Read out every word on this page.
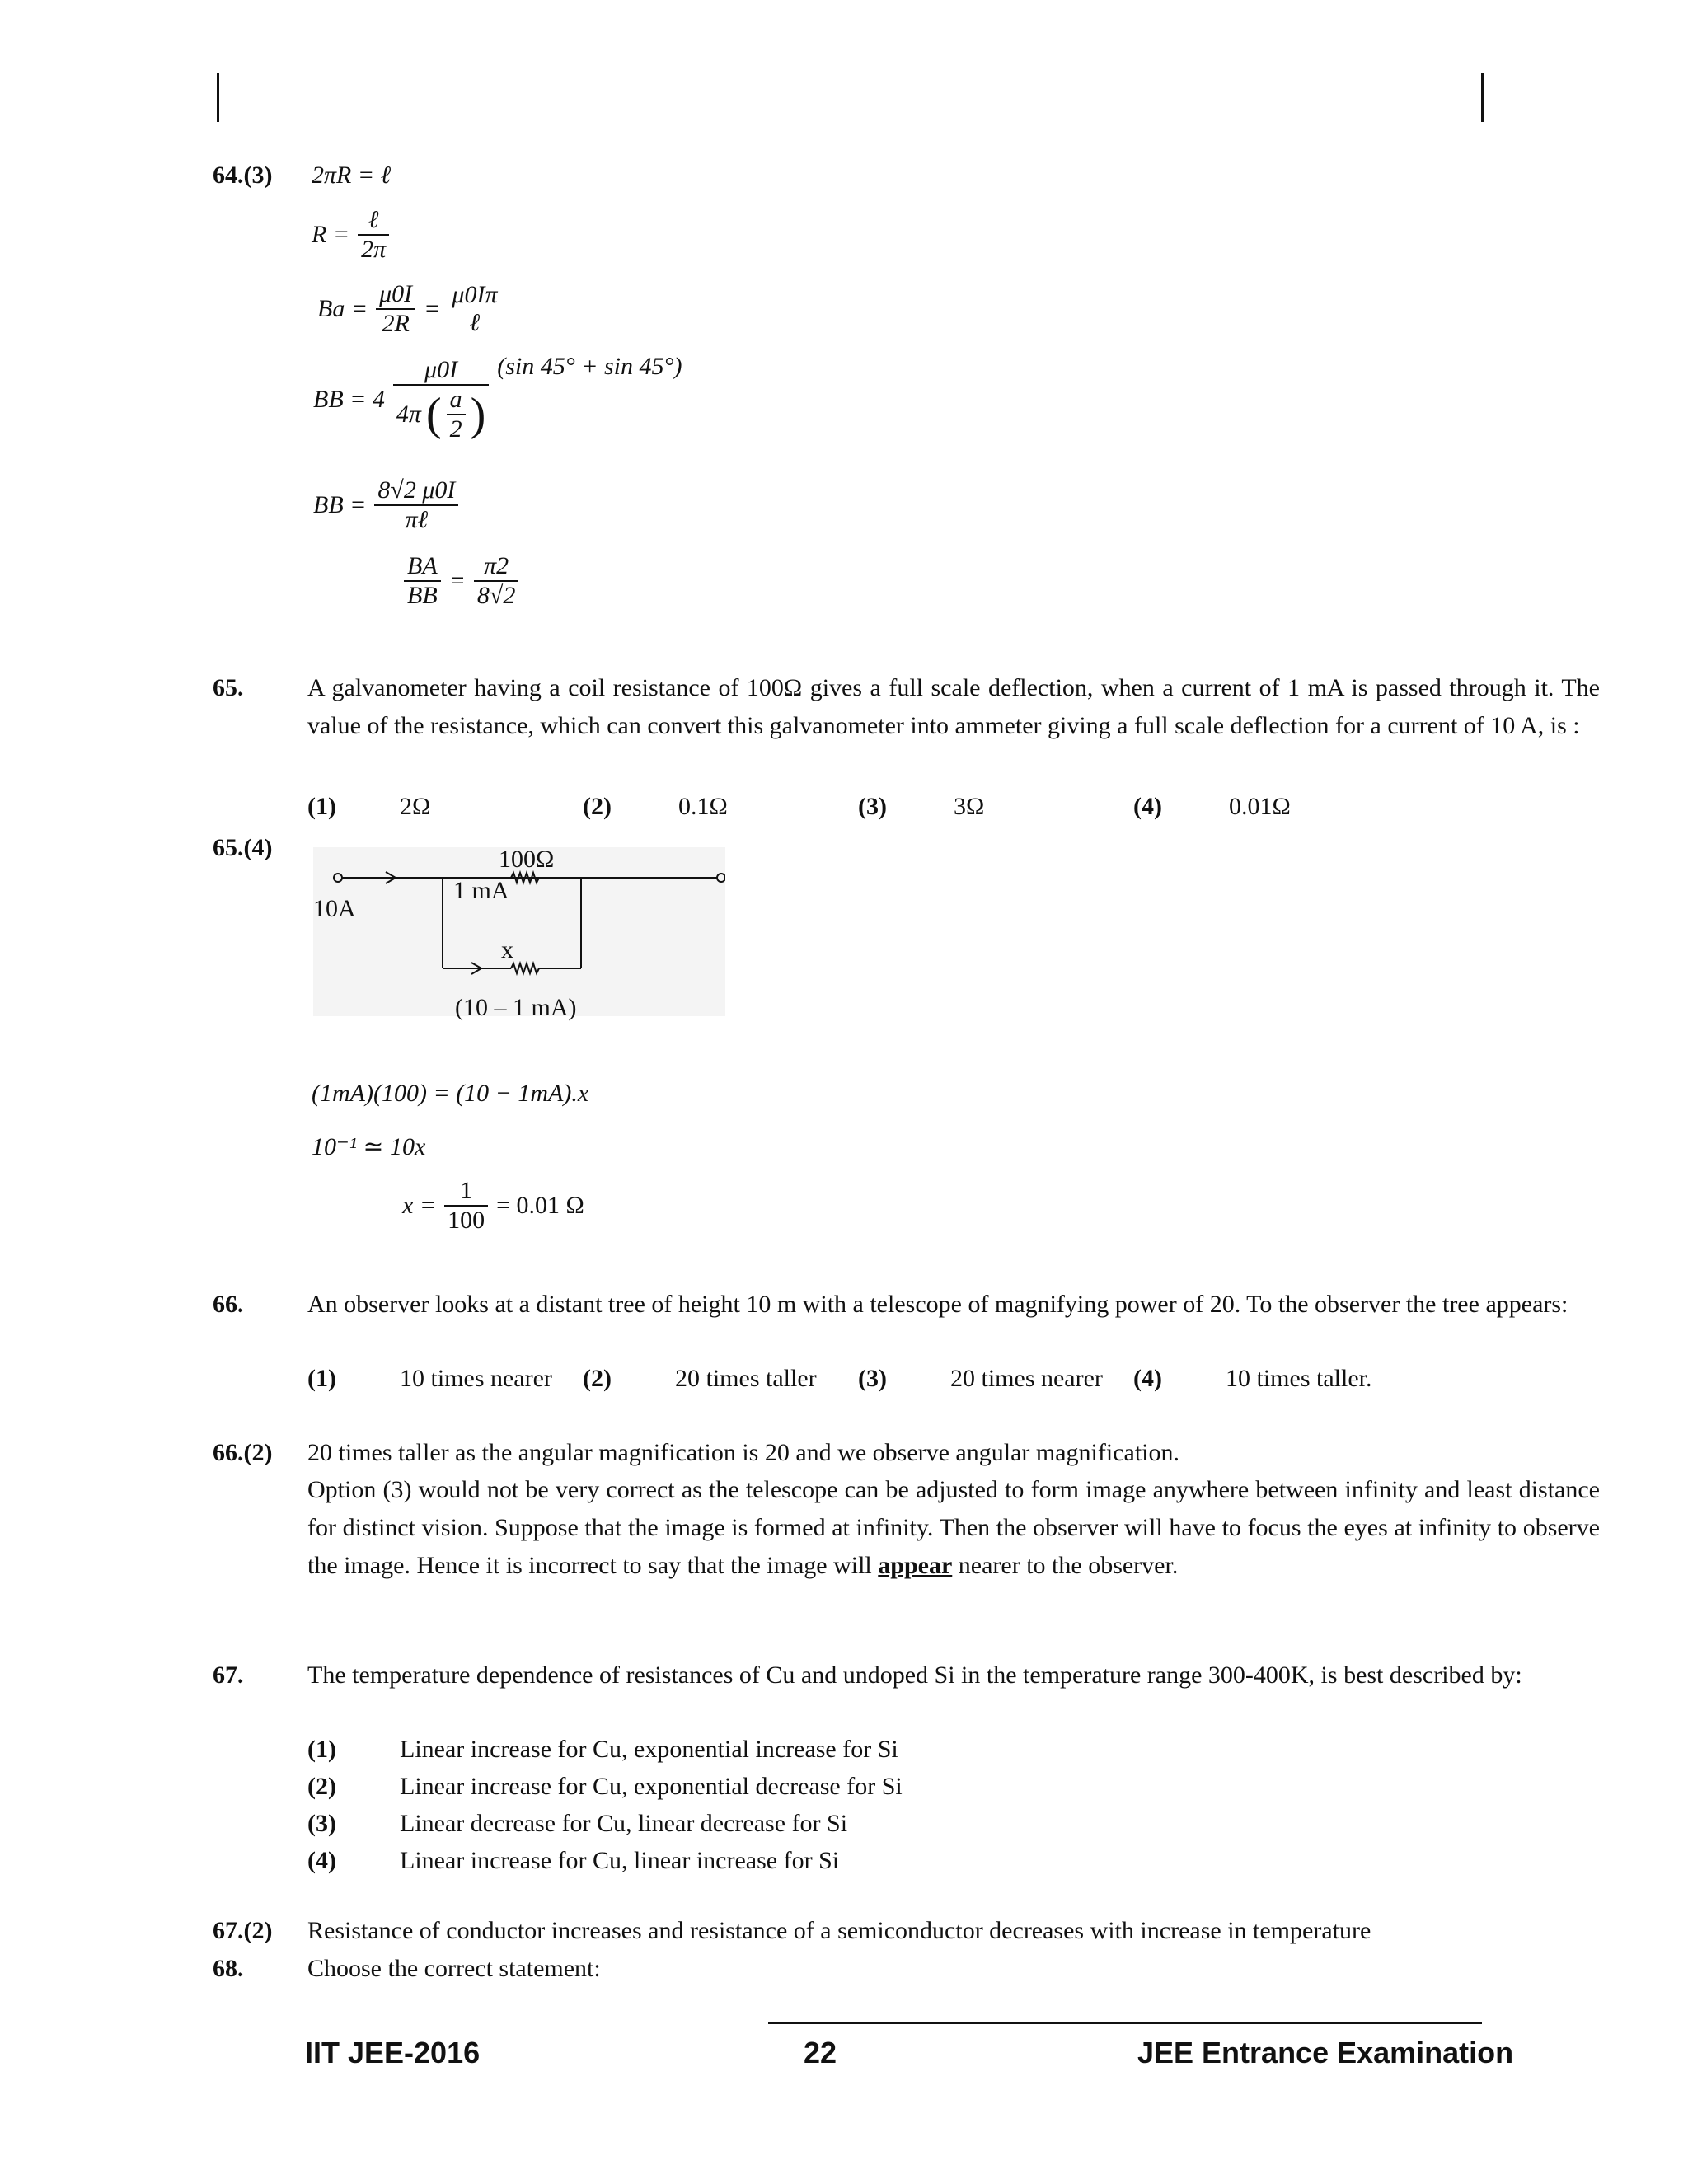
64.(3) 2πR = ℓ
$R = \frac{\text{ℓ}}{2\pi}$
$Ba = \frac{\mu 0I}{2R}$ =
μ0Iπ
ℓ
BB = $4 \frac{\mu 0I}{4\pi ( \frac{a}{2} )} (\sin$ 45° + sin 45°)
BB = $\frac{8√2 \mu 0I}{\text{πℓ}}$
$\frac{BA}{BB} = \frac{\pi 2}{8√2}$
65.	A galvanometer having a coil resistance of 100Ω gives a full scale deflection, when a current of 1 mA is passed through it. The value of the resistance, which can convert this galvanometer into ammeter giving a full scale deflection for a current of 10 A, is :
(1)	2Ω	(2)	0.1Ω	(3)	3Ω	(4)	0.01Ω
65.(4)	100Ω
1 mA
10A
x
(10 – 1 mA)
(1mA)(100) = (10 − 1mA).x
10⁻¹ ≃ 10x
$x = \frac{1}{100} = 0.01$ Ω
66.	An observer looks at a distant tree of height 10 m with a telescope of magnifying power of 20. To the observer the tree appears:
(1)	10 times nearer (2)	20 times taller (3)	20 times nearer (4)	10 times taller.
66.(2) 20 times taller as the angular magnification is 20 and we observe angular magnification.
Option (3) would not be very correct as the telescope can be adjusted to form image anywhere between infinity and least distance for distinct vision. Suppose that the image is formed at infinity. Then the observer will have to focus the eyes at infinity to observe the image. Hence it is incorrect to say that the image will appear nearer to the observer.
67.	The temperature dependence of resistances of Cu and undoped Si in the temperature range 300-400K, is best described by:
(1)	Linear increase for Cu, exponential increase for Si
(2)	Linear increase for Cu, exponential decrease for Si
(3)	Linear decrease for Cu, linear decrease for Si
(4)	Linear increase for Cu, linear increase for Si
67.(2) Resistance of conductor increases and resistance of a semiconductor decreases with increase in temperature
68.	Choose the correct statement:
IIT JEE-2016	22	JEE Entrance Examination
